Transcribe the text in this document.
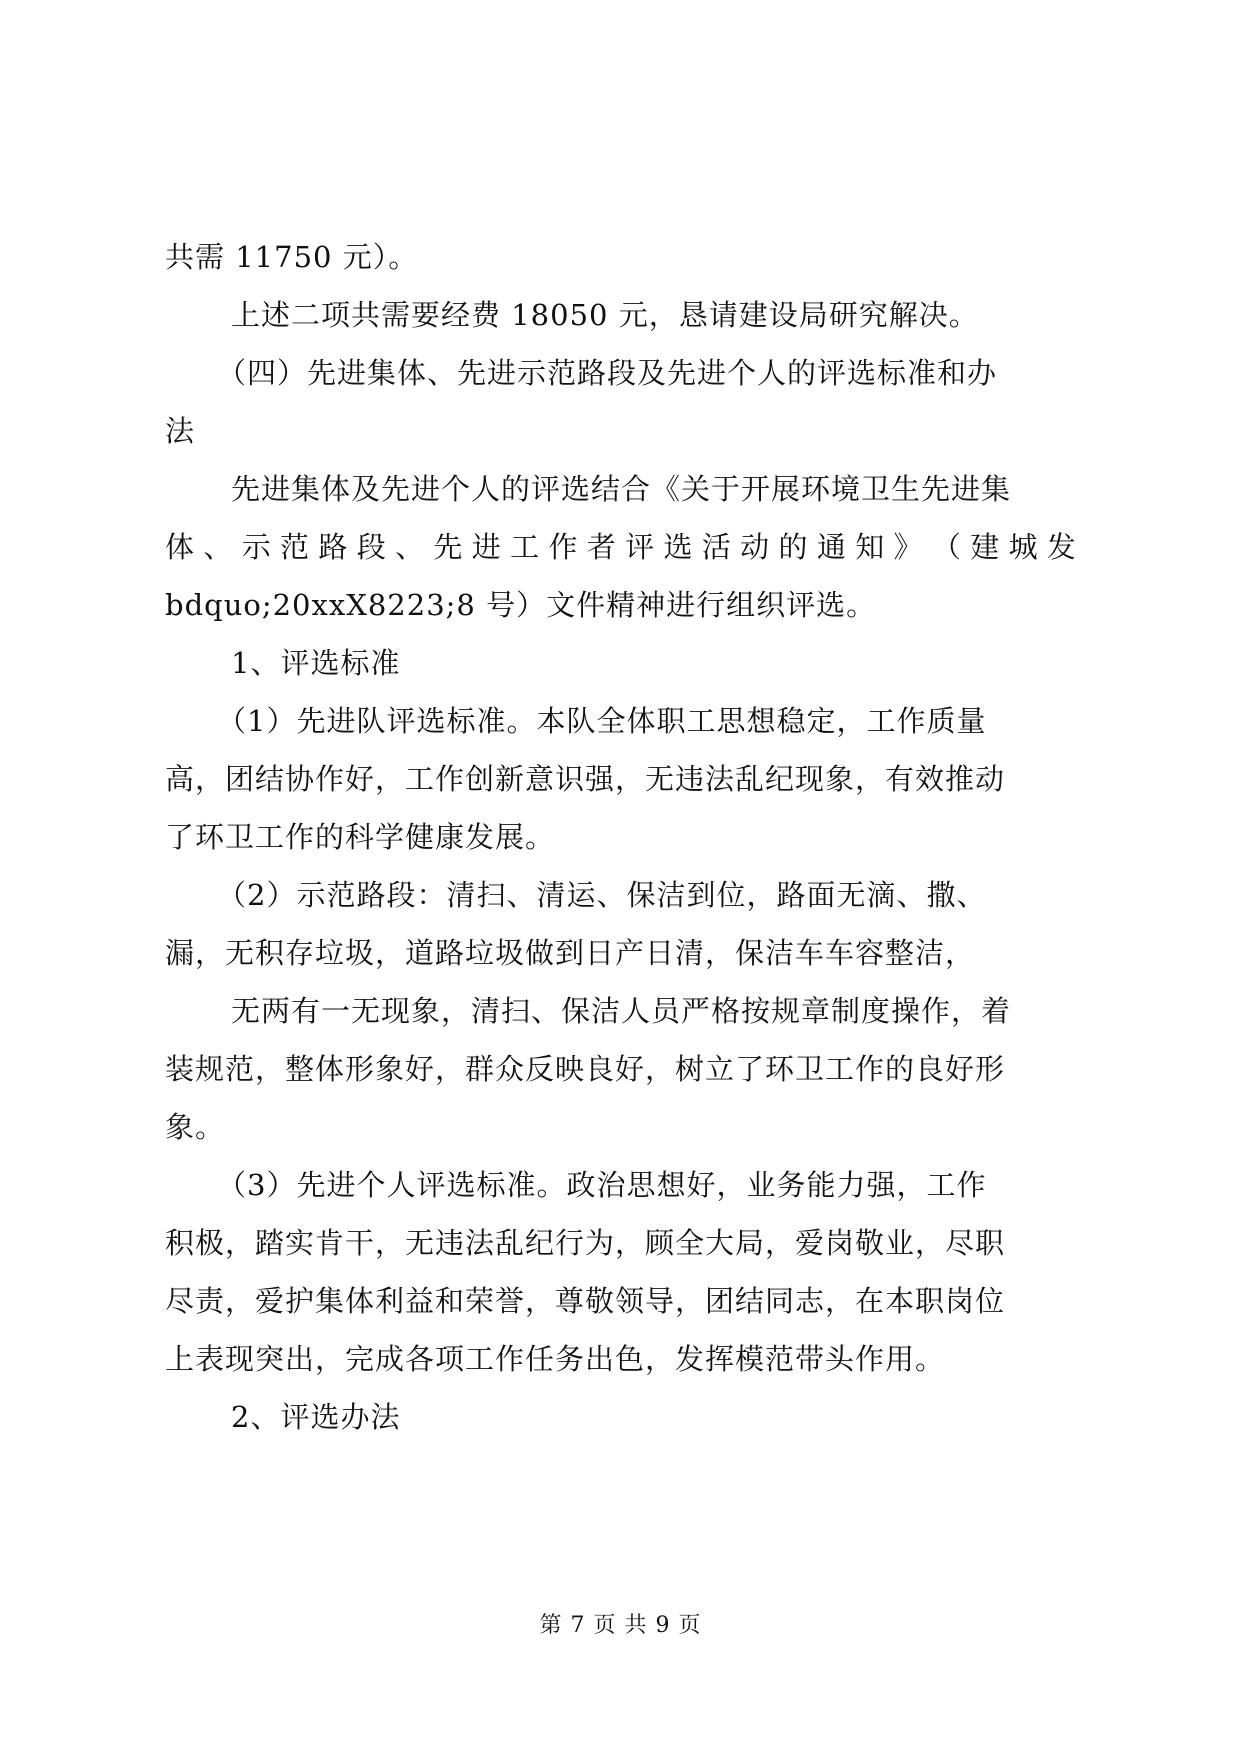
共需 11750 元）。
上述二项共需要经费 18050 元，恳请建设局研究解决。
（四）先进集体、先进示范路段及先进个人的评选标准和办
法
先进集体及先进个人的评选结合《关于开展环境卫生先进集
体 、 示 范 路 段 、 先 进 工 作 者 评 选 活 动 的 通 知 》 （ 建 城 发
bdquo;20xxX8223;8 号）文件精神进行组织评选。
1、评选标准
（1）先进队评选标准。本队全体职工思想稳定，工作质量
高，团结协作好，工作创新意识强，无违法乱纪现象，有效推动
了环卫工作的科学健康发展。
（2）示范路段：清扫、清运、保洁到位，路面无滴、撒、
漏，无积存垃圾，道路垃圾做到日产日清，保洁车车容整洁，
无两有一无现象，清扫、保洁人员严格按规章制度操作，着
装规范，整体形象好，群众反映良好，树立了环卫工作的良好形
象。
（3）先进个人评选标准。政治思想好，业务能力强，工作
积极，踏实肯干，无违法乱纪行为，顾全大局，爱岗敬业，尽职
尽责，爱护集体利益和荣誉，尊敬领导，团结同志，在本职岗位
上表现突出，完成各项工作任务出色，发挥模范带头作用。
2、评选办法
第 7 页 共 9 页
